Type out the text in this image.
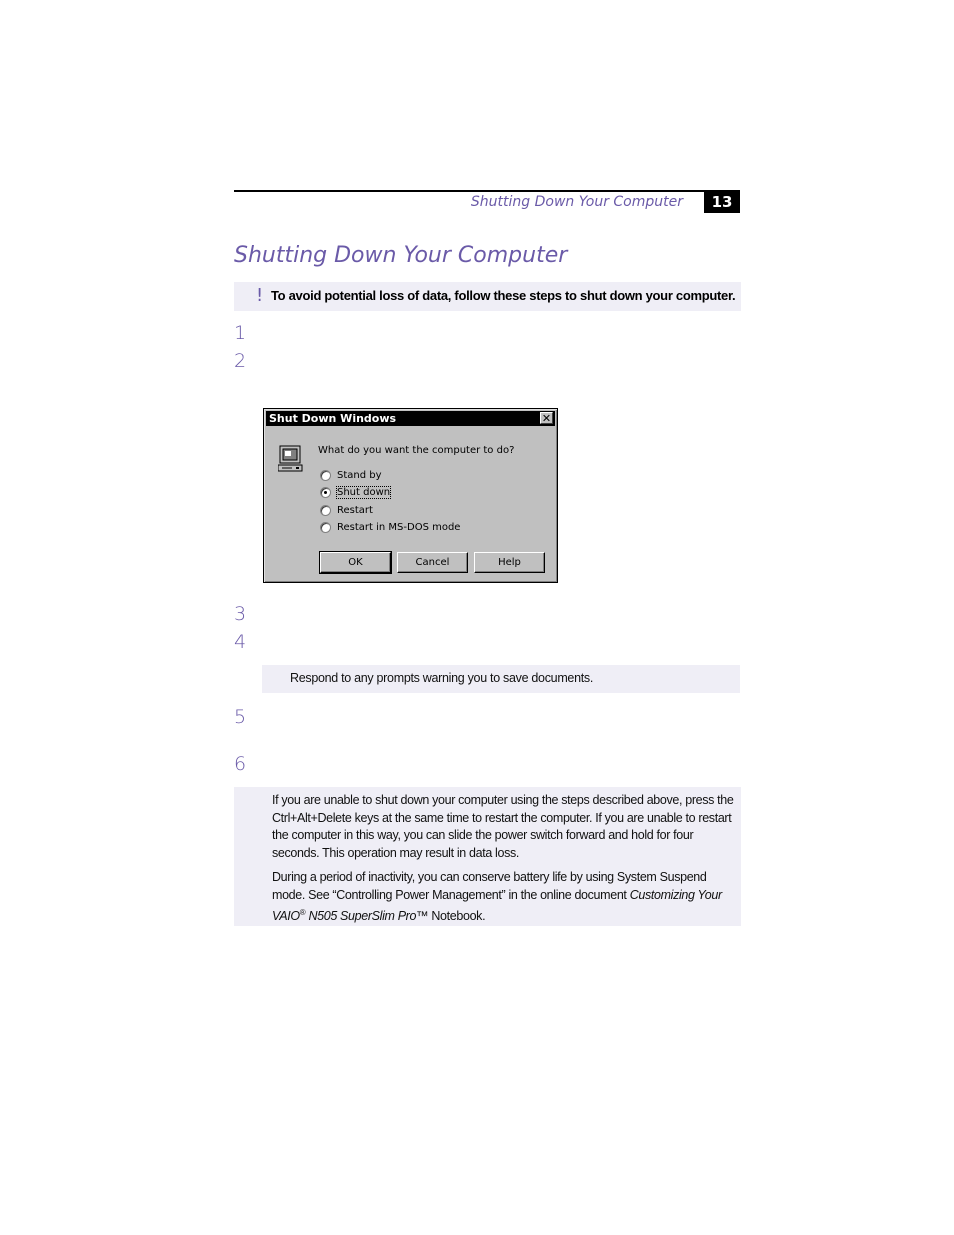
Shutting Down Your Computer	13
Shutting Down Your Computer
! To avoid potential loss of data, follow these steps to shut down your computer.
1
2
Shut Down Windows	✕
What do you want the computer to do?
Stand by
Shut down
Restart
Restart in MS-DOS mode
OK	Cancel	Help
3
4
Respond to any prompts warning you to save documents.
5
6
If you are unable to shut down your computer using the steps described above, press the Ctrl+Alt+Delete keys at the same time to restart the computer. If you are unable to restart the computer in this way, you can slide the power switch forward and hold for four seconds. This operation may result in data loss.
During a period of inactivity, you can conserve battery life by using System Suspend mode. See “Controlling Power Management” in the online document Customizing Your VAIO® N505 SuperSlim Pro™ Notebook.
